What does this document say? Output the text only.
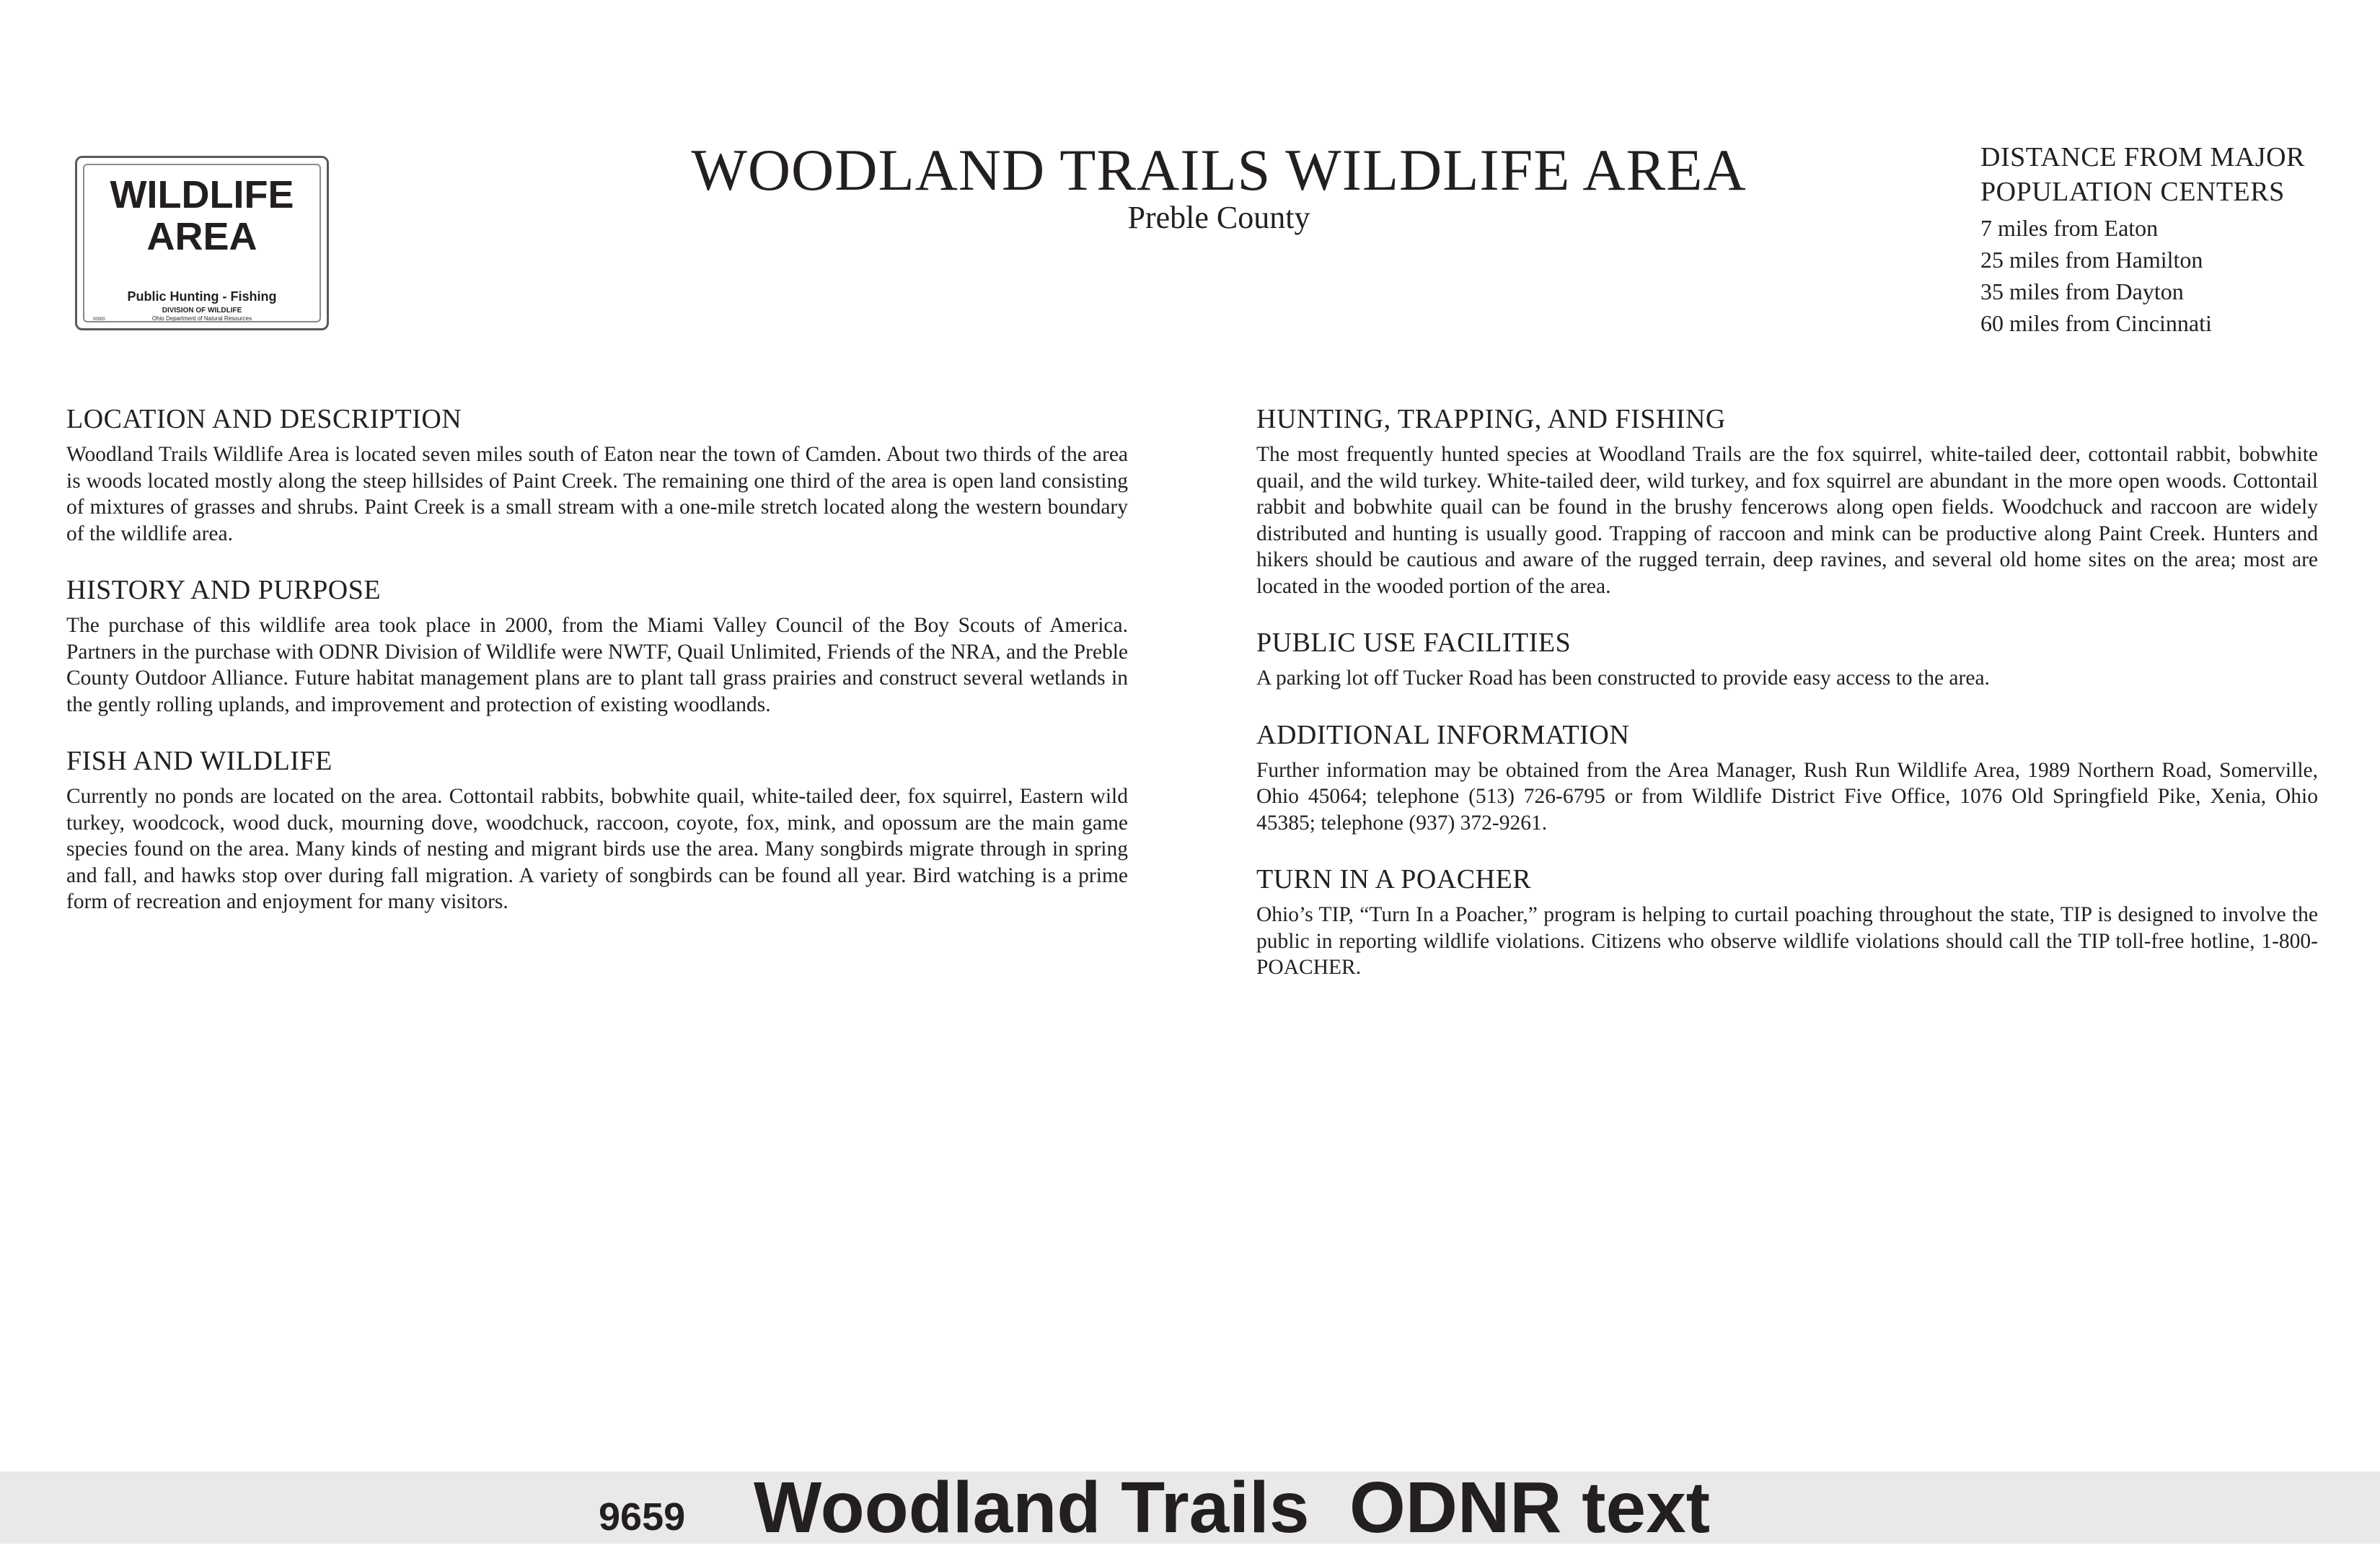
WILDLIFE AREA
Public Hunting - Fishing
DIVISION OF WILDLIFE
Ohio Department of Natural Resources
00000
WOODLAND TRAILS WILDLIFE AREA
Preble County
DISTANCE FROM MAJOR POPULATION CENTERS
7 miles from Eaton
25 miles from Hamilton
35 miles from Dayton
60 miles from Cincinnati
LOCATION AND DESCRIPTION

Woodland Trails Wildlife Area is located seven miles south of Eaton near the town of Camden. About two thirds of the area is woods located mostly along the steep hillsides of Paint Creek. The remaining one third of the area is open land consisting of mixtures of grasses and shrubs. Paint Creek is a small stream with a one-mile stretch located along the western boundary of the wildlife area.

HISTORY AND PURPOSE

The purchase of this wildlife area took place in 2000, from the Miami Valley Council of the Boy Scouts of America. Partners in the purchase with ODNR Division of Wildlife were NWTF, Quail Unlimited, Friends of the NRA, and the Preble County Outdoor Alliance. Future habitat management plans are to plant tall grass prairies and construct several wetlands in the gently rolling uplands, and improvement and protection of existing woodlands.

FISH AND WILDLIFE

Currently no ponds are located on the area. Cottontail rabbits, bobwhite quail, white-tailed deer, fox squirrel, Eastern wild turkey, woodcock, wood duck, mourning dove, woodchuck, raccoon, coyote, fox, mink, and opossum are the main game species found on the area. Many kinds of nesting and migrant birds use the area. Many songbirds migrate through in spring and fall, and hawks stop over during fall migration. A variety of songbirds can be found all year. Bird watching is a prime form of recreation and enjoyment for many visitors.

HUNTING, TRAPPING, AND FISHING

The most frequently hunted species at Woodland Trails are the fox squirrel, white-tailed deer, cottontail rabbit, bobwhite quail, and the wild turkey. White-tailed deer, wild turkey, and fox squirrel are abundant in the more open woods. Cottontail rabbit and bobwhite quail can be found in the brushy fencerows along open fields. Woodchuck and raccoon are widely distributed and hunting is usually good. Trapping of raccoon and mink can be productive along Paint Creek. Hunters and hikers should be cautious and aware of the rugged terrain, deep ravines, and several old home sites on the area; most are located in the wooded portion of the area.

PUBLIC USE FACILITIES

A parking lot off Tucker Road has been constructed to provide easy access to the area.

ADDITIONAL INFORMATION

Further information may be obtained from the Area Manager, Rush Run Wildlife Area, 1989 Northern Road, Somerville, Ohio 45064; telephone (513) 726-6795 or from Wildlife District Five Office, 1076 Old Springfield Pike, Xenia, Ohio 45385; telephone (937) 372-9261.

TURN IN A POACHER

Ohio’s TIP, “Turn In a Poacher,” program is helping to curtail poaching throughout the state, TIP is designed to involve the public in reporting wildlife violations. Citizens who observe wildlife violations should call the TIP toll-free hotline, 1-800-POACHER.

9659 Woodland Trails  ODNR text
